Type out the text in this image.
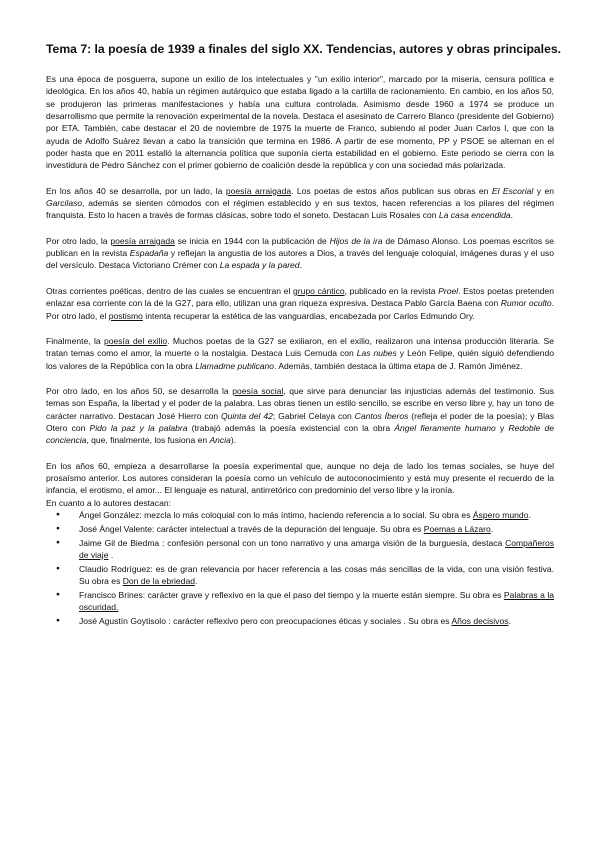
Tema 7: la poesía de 1939 a finales del siglo XX. Tendencias, autores y obras principales.

Es una época de posguerra, supone un exilio de los intelectuales y "un exilio interior", marcado por la miseria, censura política e ideológica. En los años 40, había un régimen autárquico que estaba ligado a la cartilla de racionamiento. En cambio, en los años 50, se produjeron las primeras manifestaciones y había una cultura controlada. Asimismo desde 1960 a 1974 se produce un desarrollismo que permite la renovación experimental de la novela. Destaca el asesinato de Carrero Blanco (presidente del Gobierno) por ETA. También, cabe destacar el 20 de noviembre de 1975 la muerte de Franco, subiendo al poder Juan Carlos I, que con la ayuda de Adolfo Suárez llevan a cabo la transición que termina en 1986. A partir de ese momento, PP y PSOE se alternan en el poder hasta que en 2011 estalló la alternancia política que suponía cierta estabilidad en el gobierno. Este periodo se cierra con la investidura de Pedro Sánchez con el primer gobierno de coalición desde la república y con una sociedad más polarizada.

En los años 40 se desarrolla, por un lado, la poesía arraigada. Los poetas de estos años publican sus obras en El Escorial y en Garcilaso, además se sienten cómodos con el régimen establecido y en sus textos, hacen referencias a los pilares del régimen franquista. Esto lo hacen a través de formas clásicas, sobre todo el soneto. Destacan Luis Rosales con La casa encendida.

Por otro lado, la poesía arraigada se inicia en 1944 con la publicación de Hijos de la ira de Dámaso Alonso. Los poemas escritos se publican en la revista Espadaña y reflejan la angustia de los autores a Dios, a través del lenguaje coloquial, imágenes duras y el uso del versículo. Destaca Victoriano Crémer con La espada y la pared.

Otras corrientes poéticas, dentro de las cuales se encuentran el grupo cántico, publicado en la revista Proel. Estos poetas pretenden enlazar esa corriente con la de la G27, para ello, utilizan una gran riqueza expresiva. Destaca Pablo García Baena con Rumor oculto. Por otro lado, el postismo intenta recuperar la estética de las vanguardias, encabezada por Carlos Edmundo Ory.

Finalmente, la poesía del exilio. Muchos poetas de la G27 se exiliaron, en el exilio, realizaron una intensa producción literaria. Se tratan temas como el amor, la muerte o la nostalgia. Destaca Luis Cernuda con Las nubes y León Felipe, quién siguió defendiendo los valores de la República con la obra Llamadme publicano. Además, también destaca la última etapa de J. Ramón Jiménez.

Por otro lado, en los años 50, se desarrolla la poesía social, que sirve para denunciar las injusticias además del testimonio. Sus temas son España, la libertad y el poder de la palabra. Las obras tienen un estilo sencillo, se escribe en verso libre y, hay un tono de carácter narrativo. Destacan José Hierro con Quinta del 42; Gabriel Celaya con Cantos Íberos (refleja el poder de la poesía); y Blas Otero con Pido la paz y la palabra (trabajó además la poesía existencial con la obra Ángel fieramente humano y Redoble de conciencia, que, finalmente, los fusiona en Ancia).

En los años 60, empieza a desarrollarse la poesía experimental que, aunque no deja de lado los temas sociales, se huye del prosaísmo anterior. Los autores consideran la poesía como un vehículo de autoconocimiento y está muy presente el recuerdo de la infancia, el erotismo, el amor... El lenguaje es natural, antirretórico con predominio del verso libre y la ironía.

En cuanto a lo autores destacan:

● Ángel González: mezcla lo más coloquial con lo más íntimo, haciendo referencia a lo social. Su obra es Áspero mundo.
● José Ángel Valente: carácter intelectual a través de la depuración del lenguaje. Su obra es Poemas a Lázaro.
● Jaime Gil de Biedma : confesión personal con un tono narrativo y una amarga visión de la burguesía, destaca Compañeros de viaje .
● Claudio Rodríguez: es de gran relevancia por hacer referencia a las cosas más sencillas de la vida, con una visión festiva. Su obra es Don de la ebriedad.
● Francisco Brines: carácter grave y reflexivo en la que el paso del tiempo y la muerte están siempre. Su obra es Palabras a la oscuridad.
● José Agustín Goytisolo : carácter reflexivo pero con preocupaciones éticas y sociales . Su obra es Años decisivos.
